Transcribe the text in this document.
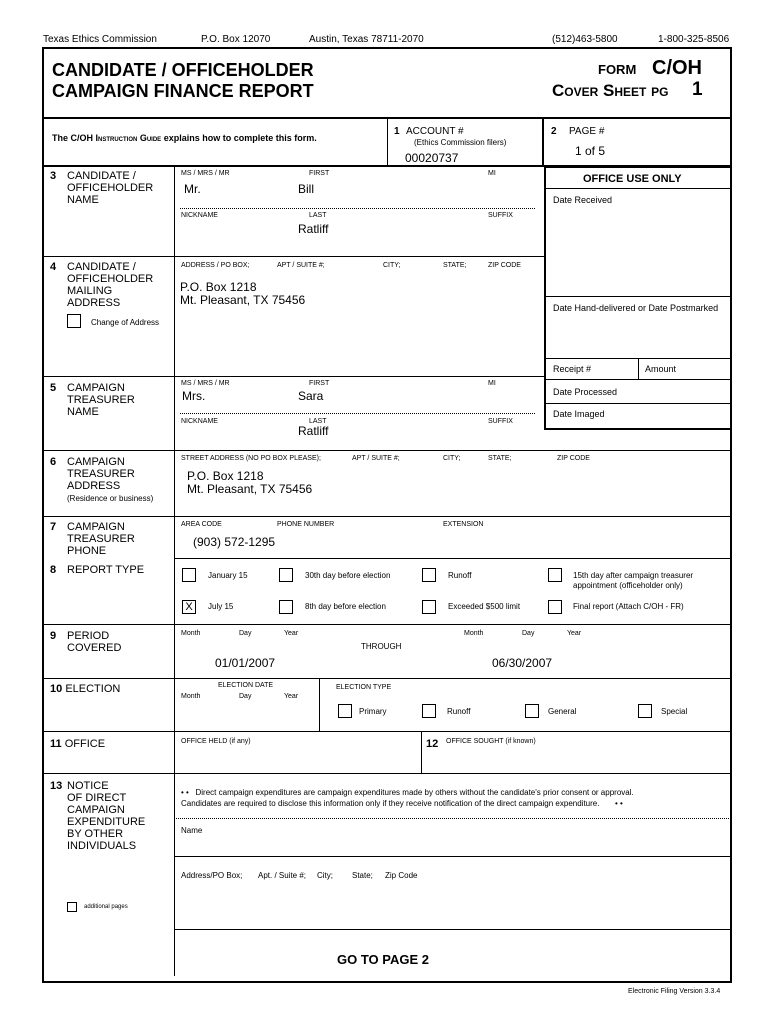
Texas Ethics Commission	P.O. Box 12070	Austin, Texas 78711-2070	(512)463-5800	1-800-325-8506
CANDIDATE / OFFICEHOLDER
CAMPAIGN FINANCE REPORT
FORM C/OH
Cover Sheet pg 1
The C/OH Instruction Guide explains how to complete this form.
1 ACCOUNT #
(Ethics Commission filers)
00020737
2 PAGE #
1 of 5
OFFICE USE ONLY
Date Received
Date Hand-delivered or Date Postmarked
Receipt #	Amount
Date Processed
Date Imaged
3 CANDIDATE /
OFFICEHOLDER
NAME
MS / MRS / MR	FIRST	MI
Mr.	Bill
NICKNAME	LAST	SUFFIX
Ratliff
4 CANDIDATE /
OFFICEHOLDER
MAILING
ADDRESS
ADDRESS / PO BOX;	APT / SUITE #;	CITY;	STATE;	ZIP CODE
P.O. Box 1218
Mt. Pleasant, TX 75456
Change of Address
5 CAMPAIGN
TREASURER
NAME
MS / MRS / MR	FIRST	MI
Mrs.	Sara
NICKNAME	LAST	SUFFIX
Ratliff
6 CAMPAIGN
TREASURER
ADDRESS
(Residence or business)
STREET ADDRESS (NO PO BOX PLEASE);	APT / SUITE #;	CITY;	STATE;	ZIP CODE
P.O. Box 1218
Mt. Pleasant, TX 75456
7 CAMPAIGN
TREASURER
PHONE
AREA CODE	PHONE NUMBER	EXTENSION
(903) 572-1295
8 REPORT TYPE	January 15	30th day before election	Runoff	15th day after campaign treasurer appointment (officeholder only)
X	July 15	8th day before election	Exceeded $500 limit	Final report (Attach C/OH - FR)
9 PERIOD
COVERED
Month	Day	Year
THROUGH
Month	Day	Year
01/01/2007	06/30/2007
10 ELECTION	ELECTION DATE
Month	Day	Year
ELECTION TYPE
Primary	Runoff	General	Special
11 OFFICE	OFFICE HELD (if any)	12 OFFICE SOUGHT (if known)
13 NOTICE
OF DIRECT
CAMPAIGN
EXPENDITURE
BY OTHER
INDIVIDUALS
• •   Direct campaign expenditures are campaign expenditures made by others without the candidate's prior consent or approval.
Candidates are required to disclose this information only if they receive notification of the direct campaign expenditure.       • •
Name
Address/PO Box; Apt. / Suite #; City; State; Zip Code
additional pages
GO TO PAGE 2
Electronic Filing Version 3.3.4
